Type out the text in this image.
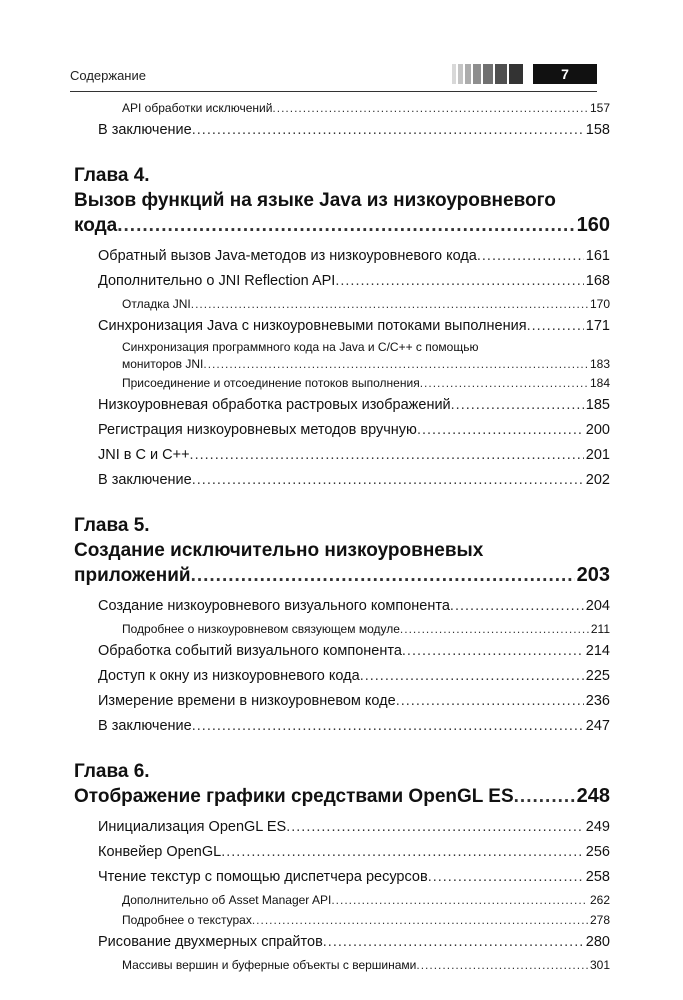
Содержание	7
API обработки исключений .....	157
В заключение .....	158
Глава 4.
Вызов функций на языке Java из низкоуровневого
кода .....	160
Обратный вызов Java-методов из низкоуровневого кода .....	161
Дополнительно о JNI Reflection API .....	168
Отладка JNI .....	170
Синхронизация Java с низкоуровневыми потоками выполнения .....	171
Синхронизация программного кода на Java и C/C++ с помощью
мониторов JNI .....	183
Присоединение и отсоединение потоков выполнения .....	184
Низкоуровневая обработка растровых изображений .....	185
Регистрация низкоуровневых методов вручную .....	200
JNI в C и C++ .....	201
В заключение .....	202
Глава 5.
Создание исключительно низкоуровневых
приложений .....	203
Создание низкоуровневого визуального компонента .....	204
Подробнее о низкоуровневом связующем модуле .....	211
Обработка событий визуального компонента .....	214
Доступ к окну из низкоуровневого кода .....	225
Измерение времени в низкоуровневом коде .....	236
В заключение .....	247
Глава 6.
Отображение графики средствами OpenGL ES .....	248
Инициализация OpenGL ES .....	249
Конвейер OpenGL .....	256
Чтение текстур с помощью диспетчера ресурсов .....	258
Дополнительно об Asset Manager API .....	262
Подробнее о текстурах .....	278
Рисование двухмерных спрайтов .....	280
Массивы вершин и буферные объекты с вершинами .....	301
